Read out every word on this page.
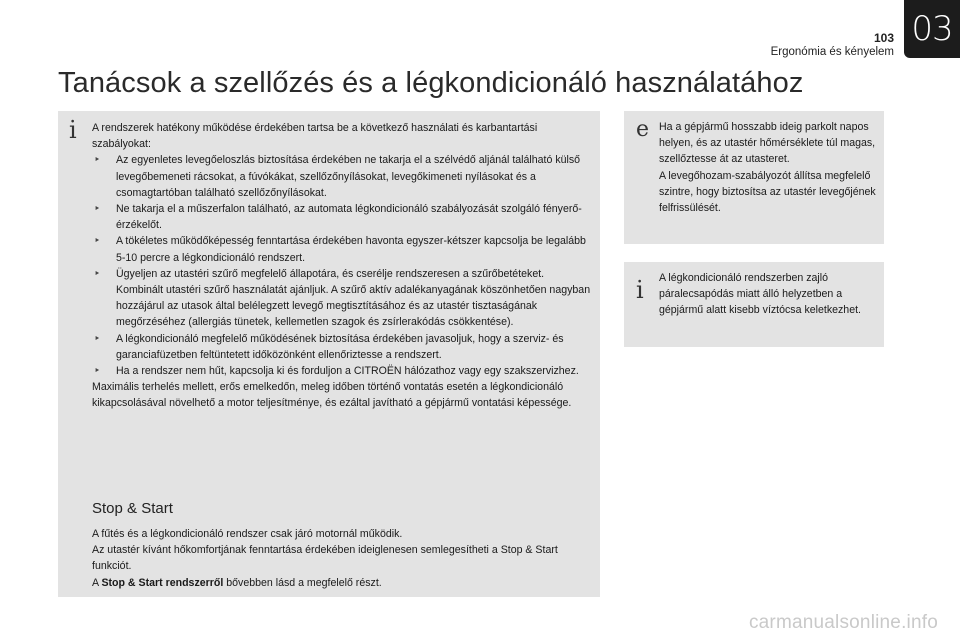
103
Ergonómia és kényelem
03
Tanácsok a szellőzés és a légkondicionáló használatához
i A rendszerek hatékony működése érdekében tartsa be a következő használati és karbantartási szabályokat:

‣ Az egyenletes levegőeloszlás biztosítása érdekében ne takarja el a szélvédő aljánál található külső levegőbemeneti rácsokat, a fúvókákat, szellőzőnyílásokat, levegőkimeneti nyílásokat és a csomagtartóban található szellőzőnyílásokat.
‣ Ne takarja el a műszerfalon található, az automata légkondicionáló szabályozását szolgáló fényerő-érzékelőt.
‣ A tökéletes működőképesség fenntartása érdekében havonta egyszer-kétszer kapcsolja be legalább 5-10 percre a légkondicionáló rendszert.
‣ Ügyeljen az utastéri szűrő megfelelő állapotára, és cserélje rendszeresen a szűrőbetéteket.
Kombinált utastéri szűrő használatát ajánljuk. A szűrő aktív adalékanyagának köszönhetően nagyban hozzájárul az utasok által belélegzett levegő megtisztításához és az utastér tisztaságának megőrzéséhez (allergiás tünetek, kellemetlen szagok és zsírlerakódás csökkentése).
‣ A légkondicionáló megfelelő működésének biztosítása érdekében javasoljuk, hogy a szerviz- és garanciafüzetben feltüntetett időközönként ellenőriztesse a rendszert.
‣ Ha a rendszer nem hűt, kapcsolja ki és forduljon a CITROËN hálózathoz vagy egy szakszervizhez.

Maximális terhelés mellett, erős emelkedőn, meleg időben történő vontatás esetén a légkondicionáló kikapcsolásával növelhető a motor teljesítménye, és ezáltal javítható a gépjármű vontatási képessége.

Stop & Start

A fűtés és a légkondicionáló rendszer csak járó motornál működik.

Az utastér kívánt hőkomfortjának fenntartása érdekében ideiglenesen semlegesítheti a Stop & Start funkciót.

A Stop & Start rendszerről bővebben lásd a megfelelő részt.

e Ha a gépjármű hosszabb ideig parkolt napos helyen, és az utastér hőmérséklete túl magas, szellőztesse át az utasteret.

A levegőhozam-szabályozót állítsa megfelelő szintre, hogy biztosítsa az utastér levegőjének felfrissülését.

i A légkondicionáló rendszerben zajló páralecsapódás miatt álló helyzetben a gépjármű alatt kisebb víztócsa keletkezhet.
carmanualsonline.info
